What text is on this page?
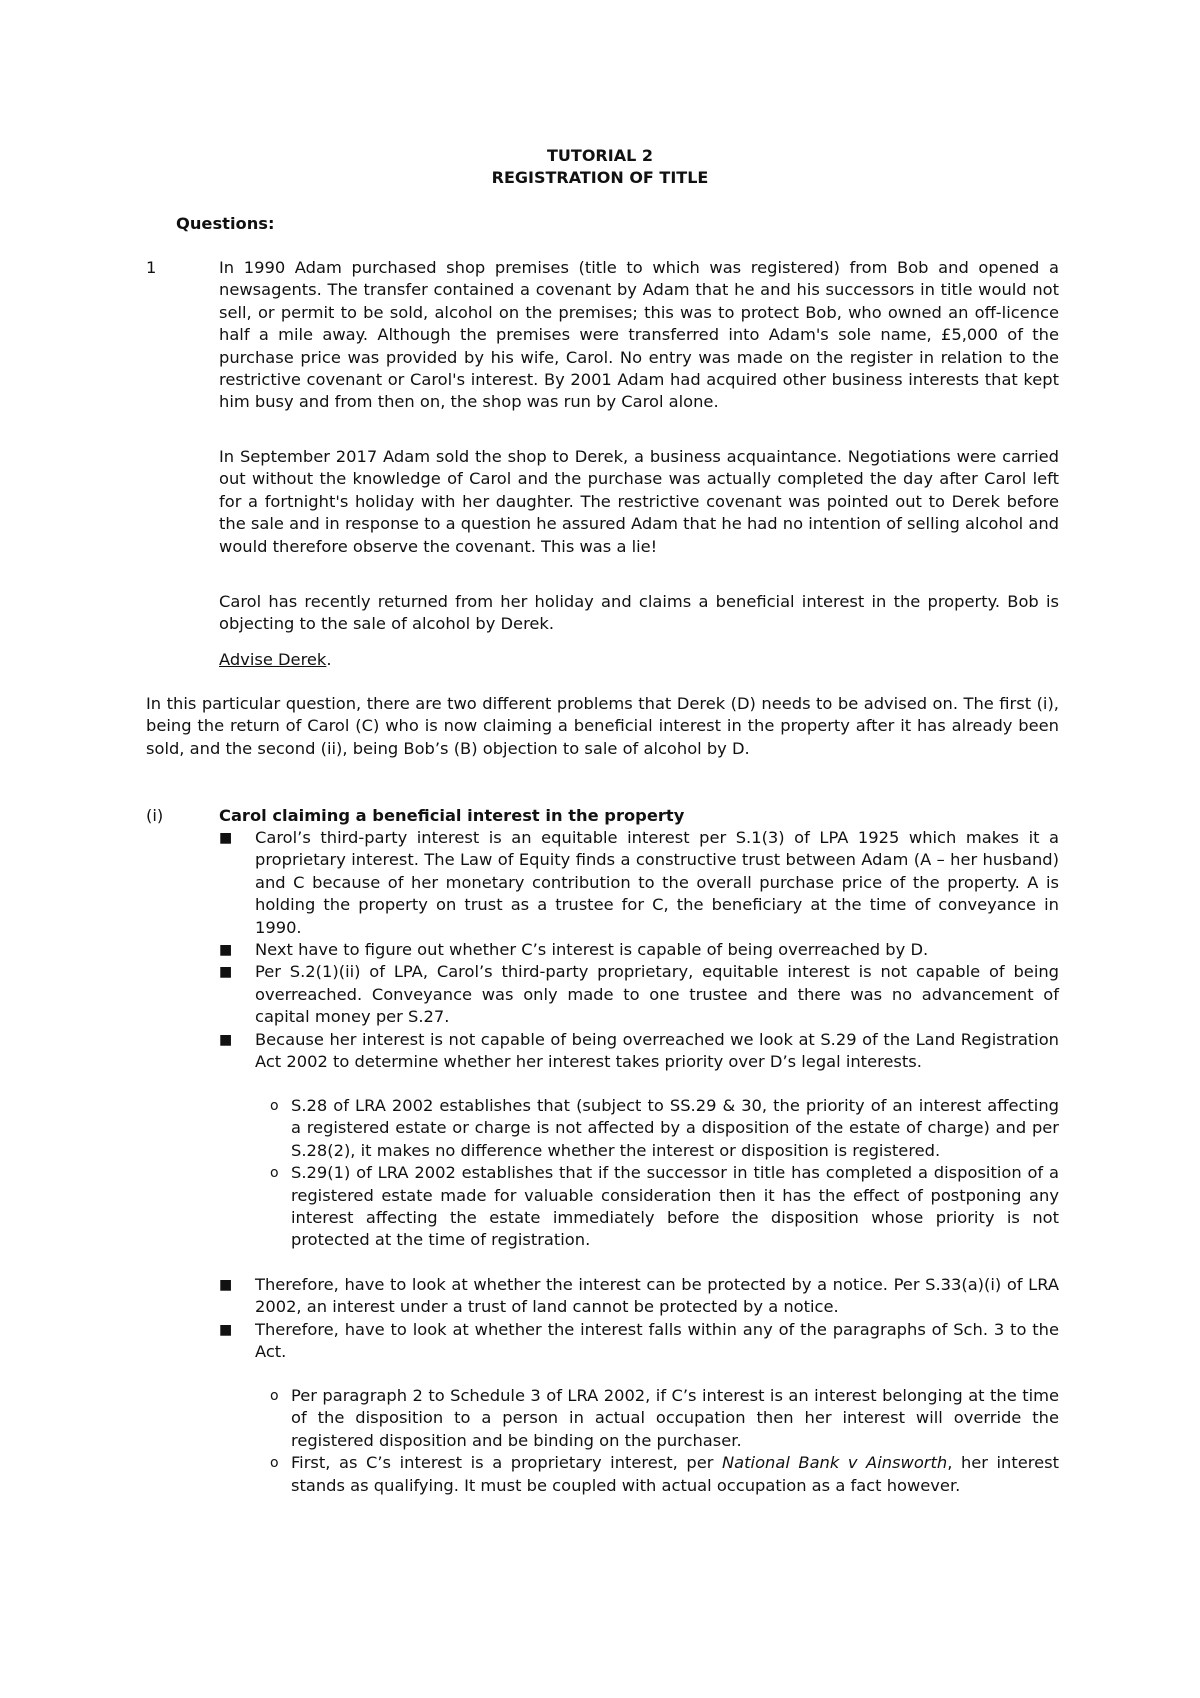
TUTORIAL 2
REGISTRATION OF TITLE
Questions:
1	In 1990 Adam purchased shop premises (title to which was registered) from Bob and opened a newsagents. The transfer contained a covenant by Adam that he and his successors in title would not sell, or permit to be sold, alcohol on the premises; this was to protect Bob, who owned an off-licence half a mile away. Although the premises were transferred into Adam's sole name, £5,000 of the purchase price was provided by his wife, Carol. No entry was made on the register in relation to the restrictive covenant or Carol's interest. By 2001 Adam had acquired other business interests that kept him busy and from then on, the shop was run by Carol alone.

In September 2017 Adam sold the shop to Derek, a business acquaintance. Negotiations were carried out without the knowledge of Carol and the purchase was actually completed the day after Carol left for a fortnight's holiday with her daughter. The restrictive covenant was pointed out to Derek before the sale and in response to a question he assured Adam that he had no intention of selling alcohol and would therefore observe the covenant. This was a lie!

Carol has recently returned from her holiday and claims a beneficial interest in the property. Bob is objecting to the sale of alcohol by Derek.

Advise Derek.

In this particular question, there are two different problems that Derek (D) needs to be advised on. The first (i), being the return of Carol (C) who is now claiming a beneficial interest in the property after it has already been sold, and the second (ii), being Bob’s (B) objection to sale of alcohol by D.

(i)	Carol claiming a beneficial interest in the property
■ Carol’s third-party interest is an equitable interest per S.1(3) of LPA 1925 which makes it a proprietary interest. The Law of Equity finds a constructive trust between Adam (A – her husband) and C because of her monetary contribution to the overall purchase price of the property. A is holding the property on trust as a trustee for C, the beneficiary at the time of conveyance in 1990.
■ Next have to figure out whether C’s interest is capable of being overreached by D.
■ Per S.2(1)(ii) of LPA, Carol’s third-party proprietary, equitable interest is not capable of being overreached. Conveyance was only made to one trustee and there was no advancement of capital money per S.27.
■ Because her interest is not capable of being overreached we look at S.29 of the Land Registration Act 2002 to determine whether her interest takes priority over D’s legal interests.
o S.28 of LRA 2002 establishes that (subject to SS.29 & 30, the priority of an interest affecting a registered estate or charge is not affected by a disposition of the estate of charge) and per S.28(2), it makes no difference whether the interest or disposition is registered.
o S.29(1) of LRA 2002 establishes that if the successor in title has completed a disposition of a registered estate made for valuable consideration then it has the effect of postponing any interest affecting the estate immediately before the disposition whose priority is not protected at the time of registration.
■ Therefore, have to look at whether the interest can be protected by a notice. Per S.33(a)(i) of LRA 2002, an interest under a trust of land cannot be protected by a notice.
■ Therefore, have to look at whether the interest falls within any of the paragraphs of Sch. 3 to the Act.
o Per paragraph 2 to Schedule 3 of LRA 2002, if C’s interest is an interest belonging at the time of the disposition to a person in actual occupation then her interest will override the registered disposition and be binding on the purchaser.
o First, as C’s interest is a proprietary interest, per National Bank v Ainsworth, her interest stands as qualifying. It must be coupled with actual occupation as a fact however.
